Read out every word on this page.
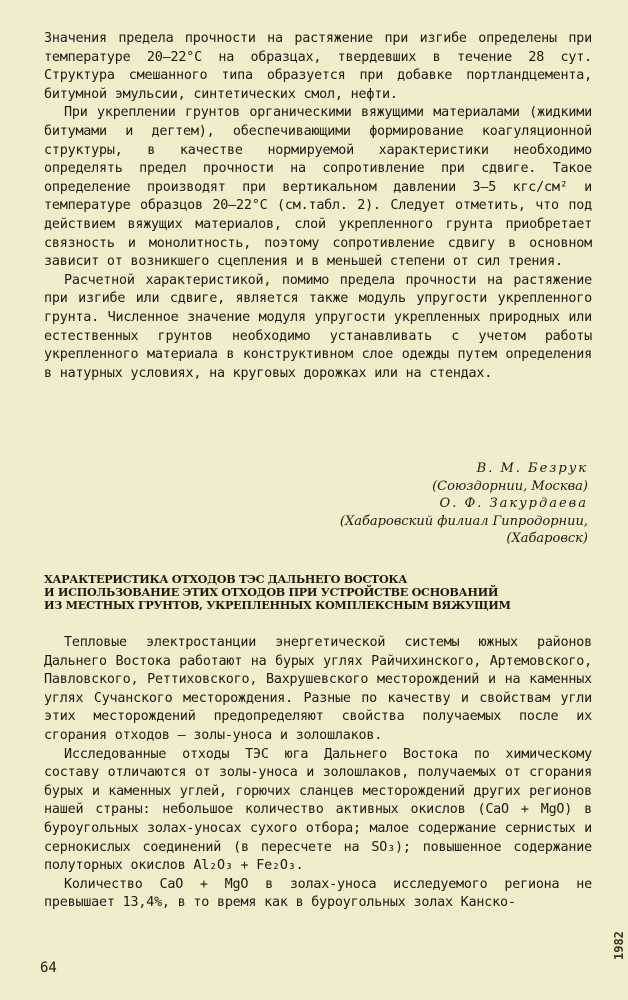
Значения предела прочности на растяжение при изгибе определены при температуре 20–22°С на образцах, твердевших в течение 28 сут. Структура смешанного типа образуется при добавке портландцемента, битумной эмульсии, синтетических смол, нефти.

При укреплении грунтов органическими вяжущими материалами (жидкими битумами и дегтем), обеспечивающими формирование коагуляционной структуры, в качестве нормируемой характеристики необходимо определять предел прочности на сопротивление при сдвиге. Такое определение производят при вертикальном давлении 3–5 кгс/см² и температуре образцов 20–22°С (см.табл. 2). Следует отметить, что под действием вяжущих материалов, слой укрепленного грунта приобретает связность и монолитность, поэтому сопротивление сдвигу в основном зависит от возникшего сцепления и в меньшей степени от сил трения.

Расчетной характеристикой, помимо предела прочности на растяжение при изгибе или сдвиге, является также модуль упругости укрепленного грунта. Численное значение модуля упругости укрепленных природных или естественных грунтов необходимо устанавливать с учетом работы укрепленного материала в конструктивном слое одежды путем определения в натурных условиях, на круговых дорожках или на стендах.

В. М. Безрук
(Союздорнии, Москва)
О. Ф. Закурдаева
(Хабаровский филиал Гипродорнии,
(Хабаровск)
ХАРАКТЕРИСТИКА ОТХОДОВ ТЭС ДАЛЬНЕГО ВОСТОКА
И ИСПОЛЬЗОВАНИЕ ЭТИХ ОТХОДОВ ПРИ УСТРОЙСТВЕ ОСНОВАНИЙ
ИЗ МЕСТНЫХ ГРУНТОВ, УКРЕПЛЕННЫХ КОМПЛЕКСНЫМ ВЯЖУЩИМ

Тепловые электростанции энергетической системы южных районов Дальнего Востока работают на бурых углях Райчихинского, Артемовского, Павловского, Реттиховского, Вахрушевского месторождений и на каменных углях Сучанского месторождения. Разные по качеству и свойствам угли этих месторождений предопределяют свойства получаемых после их сгорания отходов – золы-уноса и золошлаков.

Исследованные отходы ТЭС юга Дальнего Востока по химическому составу отличаются от золы-уноса и золошлаков, получаемых от сгорания бурых и каменных углей, горючих сланцев месторождений других регионов нашей страны: небольшое количество активных окислов (CaO + MgO) в буроугольных золах-уносах сухого отбора; малое содержание сернистых и сернокислых соединений (в пересчете на SO₃); повышенное содержание полуторных окислов Al₂O₃ + Fe₂O₃.

Количество CaO + MgO в золах-уноса исследуемого региона не превышает 13,4%, в то время как в буроугольных золах Канско-

64
1982
